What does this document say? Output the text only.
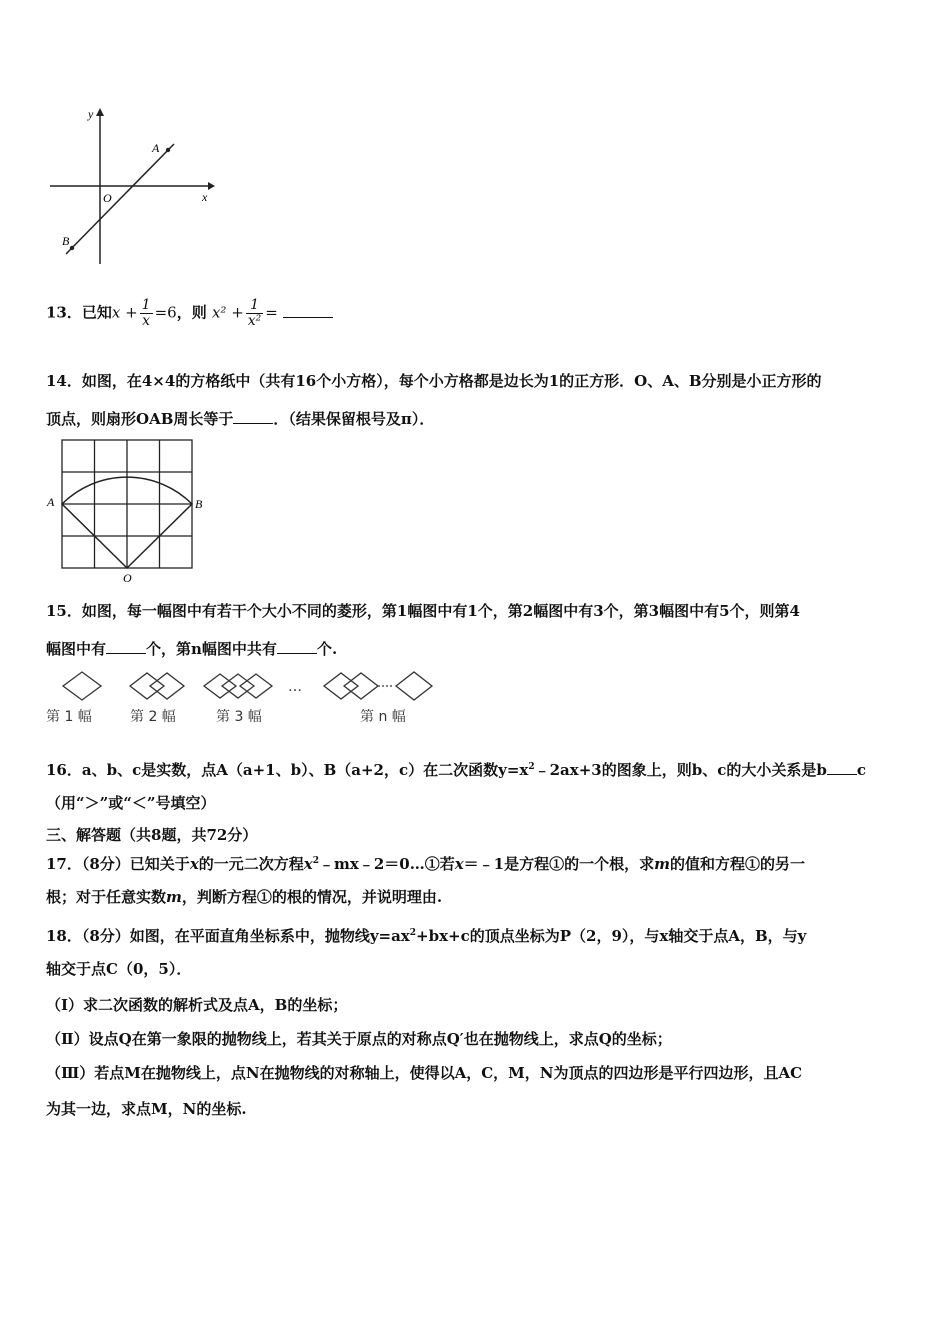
y
x
O
A
B
13．已知$x + \frac{1}{x} =6$，则 $x^2 + \frac{1}{\text{x²}}$ =
14．如图，在4×4的方格纸中（共有16个小方格），每个小方格都是边长为1的正方形．O、A、B分别是小正方形的
顶点，则扇形OAB周长等于	．（结果保留根号及π）．
A	B
O
15．如图，每一幅图中有若干个大小不同的菱形，第1幅图中有1个，第2幅图中有3个，第3幅图中有5个，则第4
幅图中有	个，第n幅图中共有	个.
…
第 1 幅	第 2 幅	第 3 幅	第 n 幅
16．a、b、c是实数，点A（a+1、b）、B（a+2，c）在二次函数$y=x^2﹣2ax+3$的图象上，则b、c的大小关系是b c
（用“＞”或“＜”号填空）
三、解答题（共8题，共72分）
17．（8分）已知关于x的一元二次方程$x^2﹣mx﹣2=0\dots ①$若x＝﹣1是方程①的一个根，求m的值和方程①的另一
根；对于任意实数m，判断方程①的根的情况，并说明理由.
18．（8分）如图，在平面直角坐标系中，抛物线$y=ax^2+bx+c$的顶点坐标为P（2，9），与x轴交于点A，B，与y
轴交于点C（0，5）．
（Ⅰ）求二次函数的解析式及点A，B的坐标；
（Ⅱ）设点Q在第一象限的抛物线上，若其关于原点的对称点Q′也在抛物线上，求点Q的坐标；
（Ⅲ）若点M在抛物线上，点N在抛物线的对称轴上，使得以A，C，M，N为顶点的四边形是平行四边形，且AC
为其一边，求点M，N的坐标.
